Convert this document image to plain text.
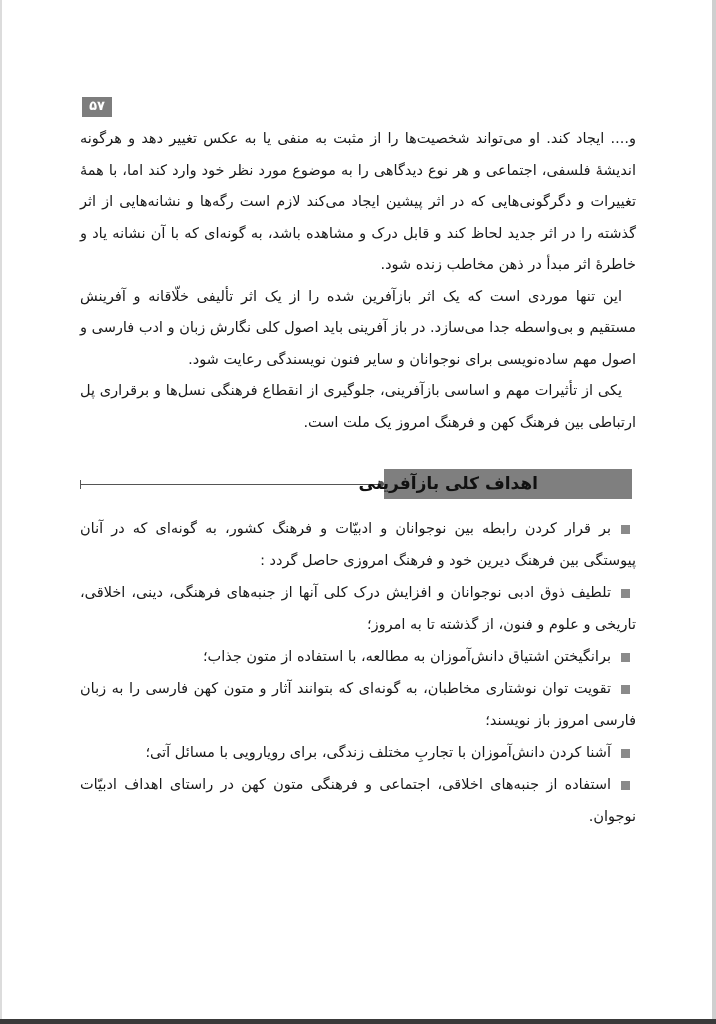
۵۷

و.... ایجاد کند. او می‌تواند شخصیت‌ها را از مثبت به منفی یا به عکس تغییر دهد و هرگونه اندیشهٔ فلسفی، اجتماعی و هر نوع دیدگاهی را به موضوع مورد نظر خود وارد کند اما، با همهٔ تغییرات و دگرگونی‌هایی که در اثر پیشین ایجاد می‌کند لازم است رگه‌ها و نشانه‌هایی از اثر گذشته را در اثر جدید لحاظ کند و قابل درک و مشاهده باشد، به گونه‌ای که با آن نشانه یاد و خاطرهٔ اثر مبدأ در ذهن مخاطب زنده شود.

این تنها موردی است که یک اثر بازآفرین شده را از یک اثر تألیفی خلّاقانه و آفرینش مستقیم و بی‌واسطه جدا می‌سازد. در باز آفرینی باید اصول کلی نگارش زبان و ادب فارسی و اصول مهم ساده‌نویسی برای نوجوانان و سایر فنون نویسندگی رعایت شود.

یکی از تأثیرات مهم و اساسی بازآفرینی، جلوگیری از انقطاع فرهنگی نسل‌ها و برقراری پل ارتباطی بین فرهنگ کهن و فرهنگ امروز یک ملت است.

اهداف کلی بازآفرینی
بر قرار کردن رابطه بین نوجوانان و ادبیّات و فرهنگ کشور، به گونه‌ای که در آنان پیوستگی بین فرهنگ دیرین خود و فرهنگ امروزی حاصل گردد :
تلطیف ذوق ادبی نوجوانان و افزایش درک کلی آنها از جنبه‌های فرهنگی، دینی، اخلاقی، تاریخی و علوم و فنون، از گذشته تا به امروز؛
برانگیختن اشتیاق دانش‌آموزان به مطالعه، با استفاده از متون جذاب؛
تقویت توان نوشتاری مخاطبان، به گونه‌ای که بتوانند آثار و متون کهن فارسی را به زبان فارسی امروز باز نویسند؛
آشنا کردن دانش‌آموزان با تجاربِ مختلف زندگی، برای رویارویی با مسائل آتی؛
استفاده از جنبه‌های اخلاقی، اجتماعی و فرهنگی متون کهن در راستای اهداف ادبیّات نوجوان.
